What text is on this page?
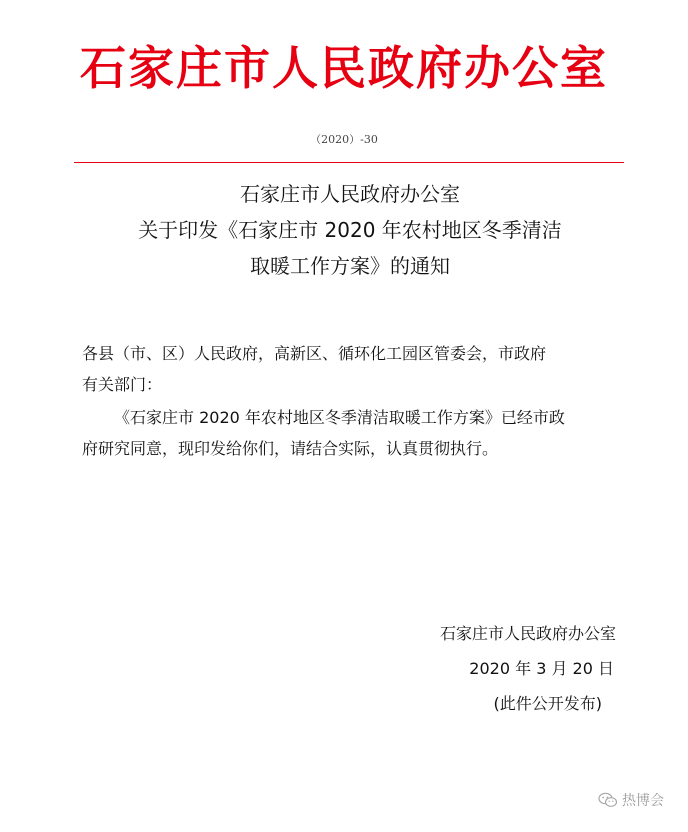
石家庄市人民政府办公室
（2020）-30
石家庄市人民政府办公室
关于印发《石家庄市 2020 年农村地区冬季清洁
取暖工作方案》的通知

各县（市、区）人民政府，高新区、循环化工园区管委会，市政府

有关部门：

《石家庄市 2020 年农村地区冬季清洁取暖工作方案》已经市政

府研究同意，现印发给你们，请结合实际，认真贯彻执行。

石家庄市人民政府办公室
2020 年 3 月 20 日
(此件公开发布)
热博会
